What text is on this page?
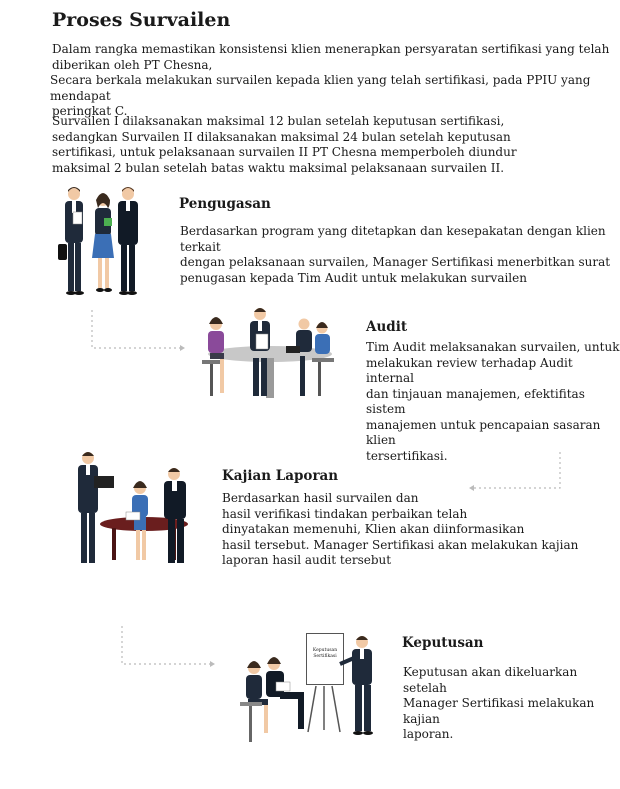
Proses Survailen
Dalam rangka memastikan konsistensi klien menerapkan persyaratan sertifikasi yang telah
diberikan oleh PT Chesna,
Secara berkala melakukan survailen kepada klien yang telah sertifikasi, pada PPIU yang mendapat
peringkat C.
Survailen I dilaksanakan maksimal 12 bulan setelah keputusan sertifikasi,
sedangkan Survailen II dilaksanakan maksimal 24 bulan setelah keputusan
sertifikasi, untuk pelaksanaan survailen II PT Chesna memperboleh diundur
maksimal 2 bulan setelah batas waktu maksimal pelaksanaan survailen II.
Pengugasan
Berdasarkan program yang ditetapkan dan kesepakatan dengan klien terkait
dengan pelaksanaan survailen, Manager Sertifikasi menerbitkan surat
penugasan kepada Tim Audit untuk melakukan survailen
Audit
Tim Audit melaksanakan survailen, untuk
melakukan review terhadap Audit internal
dan tinjauan manajemen, efektifitas sistem
manajemen untuk pencapaian sasaran klien
tersertifikasi.
Kajian Laporan
Berdasarkan hasil survailen dan
hasil verifikasi tindakan perbaikan telah
dinyatakan memenuhi, Klien akan diinformasikan
hasil tersebut. Manager Sertifikasi akan melakukan kajian
laporan hasil audit tersebut
Keputusan
Sertifikasi
Keputusan
Keputusan akan dikeluarkan setelah
Manager Sertifikasi melakukan kajian
laporan.
